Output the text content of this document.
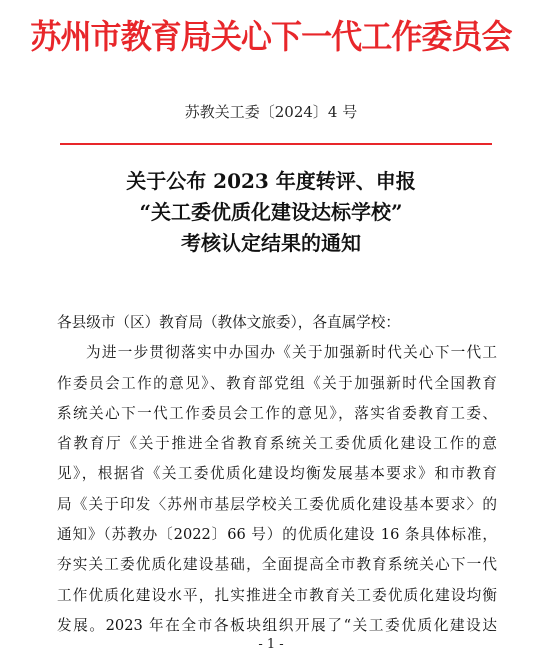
苏州市教育局关心下一代工作委员会
苏教关工委〔2024〕4 号
关于公布 2023 年度转评、申报
“关工委优质化建设达标学校”
考核认定结果的通知

各县级市（区）教育局（教体文旅委），各直属学校：

为进一步贯彻落实中办国办《关于加强新时代关心下一代工
作委员会工作的意见》、教育部党组《关于加强新时代全国教育
系统关心下一代工作委员会工作的意见》，落实省委教育工委、
省教育厅《关于推进全省教育系统关工委优质化建设工作的意
见》，根据省《关工委优质化建设均衡发展基本要求》和市教育
局《关于印发〈苏州市基层学校关工委优质化建设基本要求〉的
通知》（苏教办〔2022〕66 号）的优质化建设 16 条具体标准，
夯实关工委优质化建设基础，全面提高全市教育系统关心下一代
工作优质化建设水平，扎实推进全市教育关工委优质化建设均衡
发展。2023 年在全市各板块组织开展了“关工委优质化建设达

- 1 -
